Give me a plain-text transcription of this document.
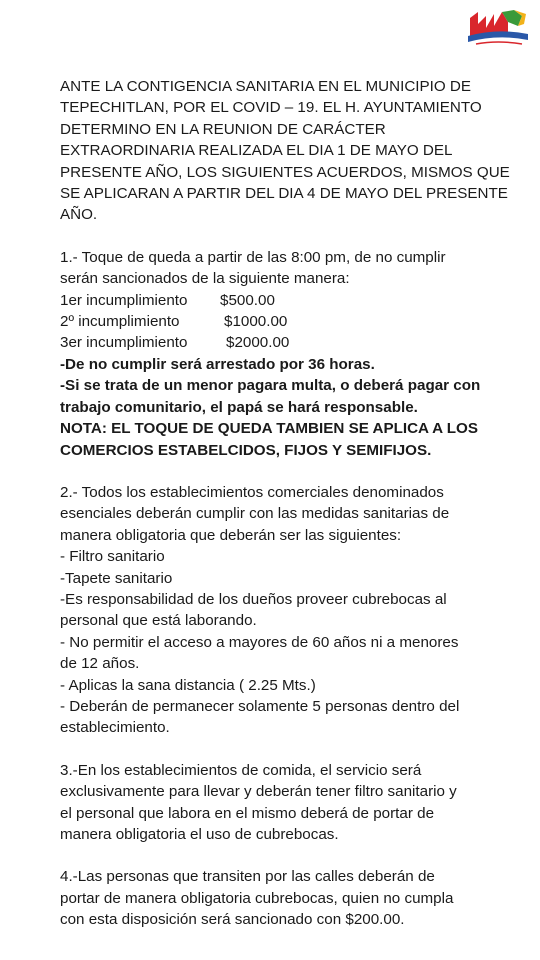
ANTE LA CONTIGENCIA SANITARIA EN EL MUNICIPIO DE
TEPECHITLAN, POR EL COVID – 19. EL H. AYUNTAMIENTO
DETERMINO EN LA REUNION DE CARÁCTER
EXTRAORDINARIA REALIZADA EL DIA 1 DE MAYO DEL
PRESENTE AÑO, LOS SIGUIENTES ACUERDOS, MISMOS QUE
SE APLICARAN A PARTIR DEL DIA 4 DE MAYO DEL PRESENTE
AÑO.
1.- Toque de queda a partir de las 8:00 pm, de no cumplir
serán sancionados de la siguiente manera:
1er incumplimiento $500.00
2º incumplimiento	$1000.00
3er incumplimiento	$2000.00
-De no cumplir será arrestado por 36 horas.
-Si se trata de un menor pagara multa, o deberá pagar con
trabajo comunitario, el papá se hará responsable.
NOTA: EL TOQUE DE QUEDA TAMBIEN SE APLICA A LOS
COMERCIOS ESTABELCIDOS, FIJOS Y SEMIFIJOS.
2.- Todos los establecimientos comerciales denominados
esenciales deberán cumplir con las medidas sanitarias de
manera obligatoria que deberán ser las siguientes:
- Filtro sanitario
-Tapete sanitario
-Es responsabilidad de los dueños proveer cubrebocas al
personal que está laborando.
- No permitir el acceso a mayores de 60 años ni a menores
de 12 años.
- Aplicas la sana distancia ( 2.25 Mts.)
- Deberán de permanecer solamente 5 personas dentro del
establecimiento.
3.-En los establecimientos de comida, el servicio será
exclusivamente para llevar y deberán tener filtro sanitario y
el personal que labora en el mismo deberá de portar de
manera obligatoria el uso de cubrebocas.
4.-Las personas que transiten por las calles deberán de
portar de manera obligatoria cubrebocas, quien no cumpla
con esta disposición será sancionado con $200.00.
